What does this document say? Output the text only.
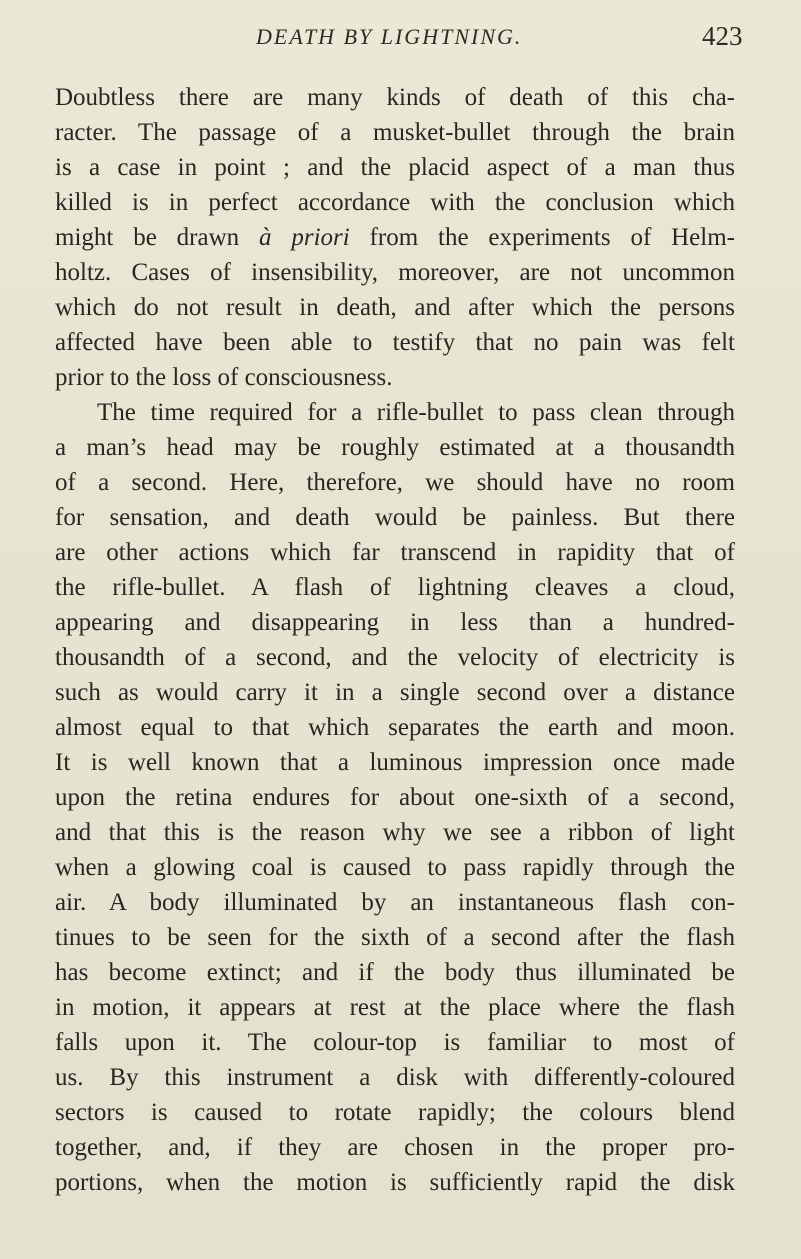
DEATH BY LIGHTNING.	423
Doubtless there are many kinds of death of this cha-
racter. The passage of a musket-bullet through the brain
is a case in point ; and the placid aspect of a man thus
killed is in perfect accordance with the conclusion which
might be drawn à priori from the experiments of Helm-
holtz. Cases of insensibility, moreover, are not uncommon
which do not result in death, and after which the persons
affected have been able to testify that no pain was felt
prior to the loss of consciousness.
The time required for a rifle-bullet to pass clean through
a man’s head may be roughly estimated at a thousandth
of a second. Here, therefore, we should have no room
for sensation, and death would be painless. But there
are other actions which far transcend in rapidity that of
the rifle-bullet. A flash of lightning cleaves a cloud,
appearing and disappearing in less than a hundred-
thousandth of a second, and the velocity of electricity is
such as would carry it in a single second over a distance
almost equal to that which separates the earth and moon.
It is well known that a luminous impression once made
upon the retina endures for about one-sixth of a second,
and that this is the reason why we see a ribbon of light
when a glowing coal is caused to pass rapidly through the
air. A body illuminated by an instantaneous flash con-
tinues to be seen for the sixth of a second after the flash
has become extinct; and if the body thus illuminated be
in motion, it appears at rest at the place where the flash
falls upon it. The colour-top is familiar to most of
us. By this instrument a disk with differently-coloured
sectors is caused to rotate rapidly; the colours blend
together, and, if they are chosen in the proper pro-
portions, when the motion is sufficiently rapid the disk
